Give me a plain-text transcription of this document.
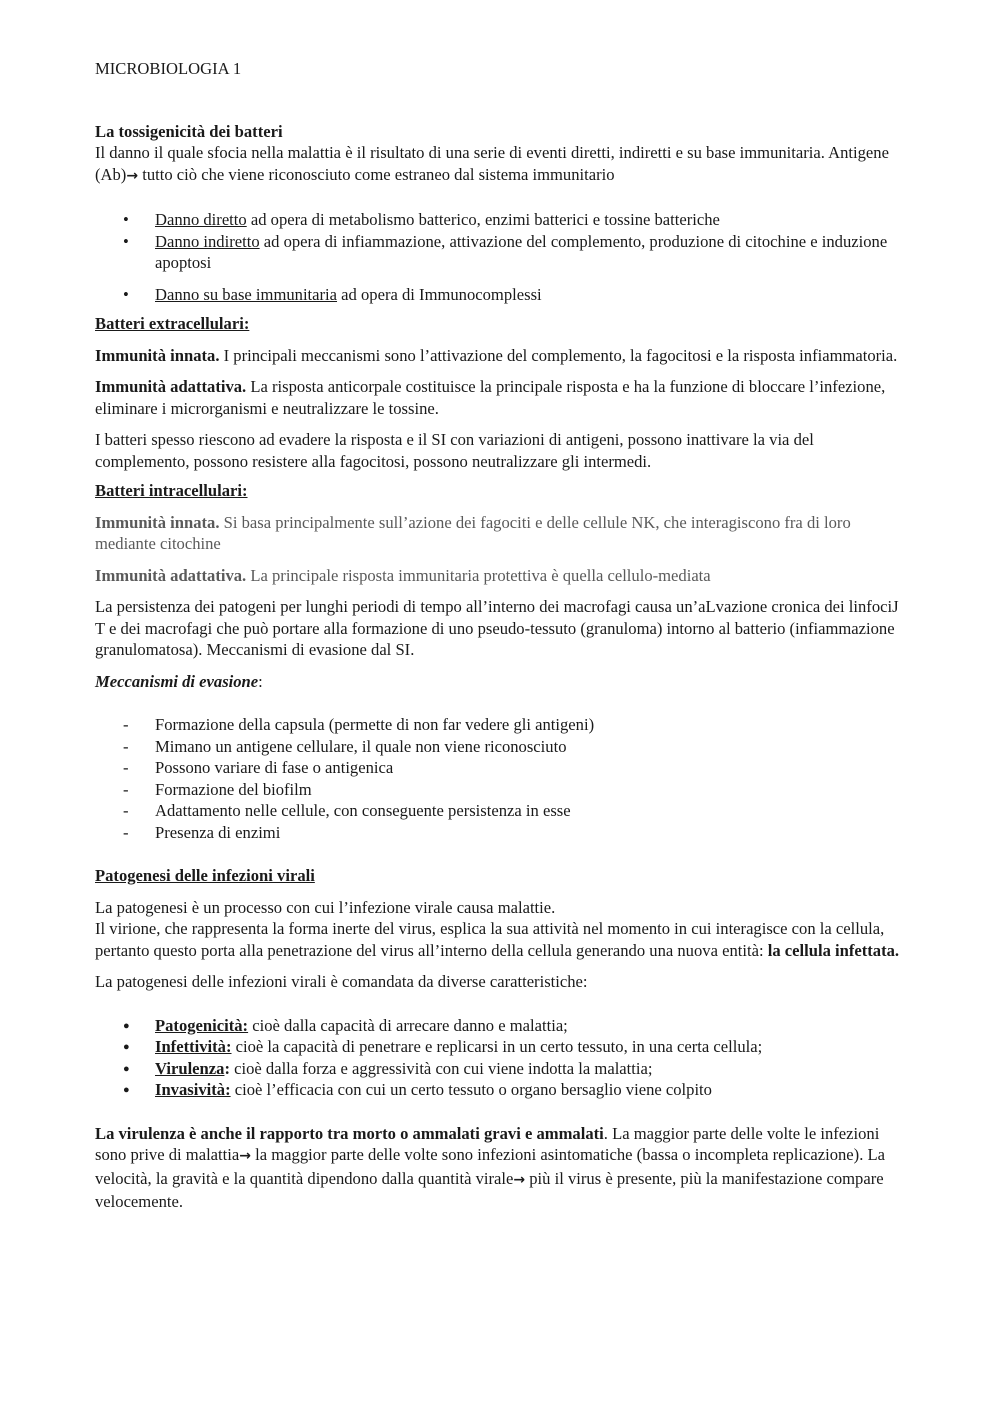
MICROBIOLOGIA 1

La tossigenicità dei batteri

Il danno il quale sfocia nella malattia è il risultato di una serie di eventi diretti, indiretti e su base immunitaria. Antigene (Ab)→ tutto ciò che viene riconosciuto come estraneo dal sistema immunitario

•
Danno diretto ad opera di metabolismo batterico, enzimi batterici e tossine batteriche
•
Danno indiretto ad opera di infiammazione, attivazione del complemento, produzione di citochine e induzione apoptosi
•
Danno su base immunitaria ad opera di Immunocomplessi

Batteri extracellulari:

Immunità innata. I principali meccanismi sono l’attivazione del complemento, la fagocitosi e la risposta infiammatoria.

Immunità adattativa. La risposta anticorpale costituisce la principale risposta e ha la funzione di bloccare l’infezione, eliminare i microrganismi e neutralizzare le tossine.

I batteri spesso riescono ad evadere la risposta e il SI con variazioni di antigeni, possono inattivare la via del complemento, possono resistere alla fagocitosi, possono neutralizzare gli intermedi.

Batteri intracellulari:

Immunità innata. Si basa principalmente sull’azione dei fagociti e delle cellule NK, che interagiscono fra di loro mediante citochine

Immunità adattativa. La principale risposta immunitaria protettiva è quella cellulo-mediata

La persistenza dei patogeni per lunghi periodi di tempo all’interno dei macrofagi causa un’aLvazione cronica dei linfociJ T e dei macrofagi che può portare alla formazione di uno pseudo-tessuto (granuloma) intorno al batterio (infiammazione granulomatosa). Meccanismi di evasione dal SI.

Meccanismi di evasione:

-
Formazione della capsula (permette di non far vedere gli antigeni)
-
Mimano un antigene cellulare, il quale non viene riconosciuto
-
Possono variare di fase o antigenica
-
Formazione del biofilm
-
Adattamento nelle cellule, con conseguente persistenza in esse
-
Presenza di enzimi

Patogenesi delle infezioni virali

La patogenesi è un processo con cui l’infezione virale causa malattie.

Il virione, che rappresenta la forma inerte del virus, esplica la sua attività nel momento in cui interagisce con la cellula, pertanto questo porta alla penetrazione del virus all’interno della cellula generando una nuova entità: la cellula infettata.

La patogenesi delle infezioni virali è comandata da diverse caratteristiche:

●
Patogenicità: cioè dalla capacità di arrecare danno e malattia;
●
Infettività: cioè la capacità di penetrare e replicarsi in un certo tessuto, in una certa cellula;
●
Virulenza: cioè dalla forza e aggressività con cui viene indotta la malattia;
●
Invasività: cioè l’efficacia con cui un certo tessuto o organo bersaglio viene colpito

La virulenza è anche il rapporto tra morto o ammalati gravi e ammalati. La maggior parte delle volte le infezioni sono prive di malattia→ la maggior parte delle volte sono infezioni asintomatiche (bassa o incompleta replicazione). La velocità, la gravità e la quantità dipendono dalla quantità virale→ più il virus è presente, più la manifestazione compare velocemente.
